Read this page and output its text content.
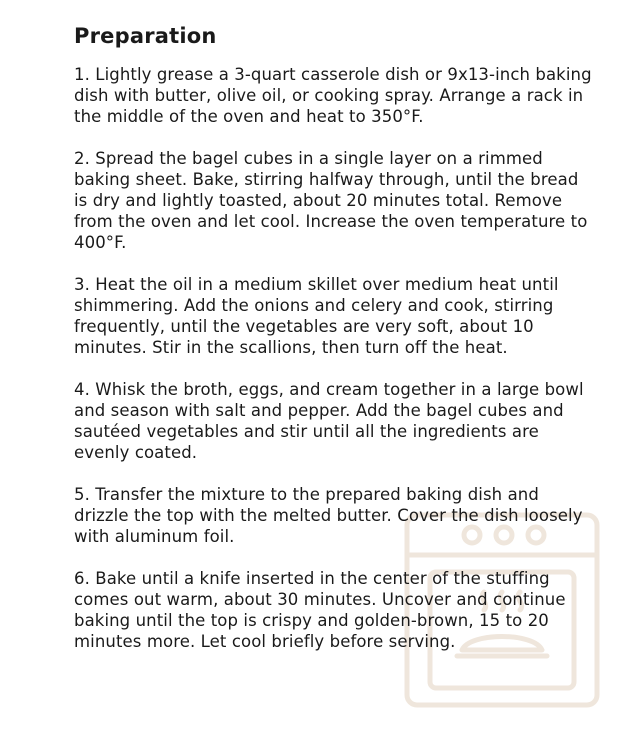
Preparation
1. Lightly grease a 3-quart casserole dish or 9x13-inch baking dish with butter, olive oil, or cooking spray. Arrange a rack in the middle of the oven and heat to 350°F.
2. Spread the bagel cubes in a single layer on a rimmed baking sheet. Bake, stirring halfway through, until the bread is dry and lightly toasted, about 20 minutes total. Remove from the oven and let cool. Increase the oven temperature to 400°F.
3. Heat the oil in a medium skillet over medium heat until shimmering. Add the onions and celery and cook, stirring frequently, until the vegetables are very soft, about 10 minutes. Stir in the scallions, then turn off the heat.
4. Whisk the broth, eggs, and cream together in a large bowl and season with salt and pepper. Add the bagel cubes and sautéed vegetables and stir until all the ingredients are evenly coated.
5. Transfer the mixture to the prepared baking dish and drizzle the top with the melted butter. Cover the dish loosely with aluminum foil.
6. Bake until a knife inserted in the center of the stuffing comes out warm, about 30 minutes. Uncover and continue baking until the top is crispy and golden-brown, 15 to 20 minutes more. Let cool briefly before serving.
